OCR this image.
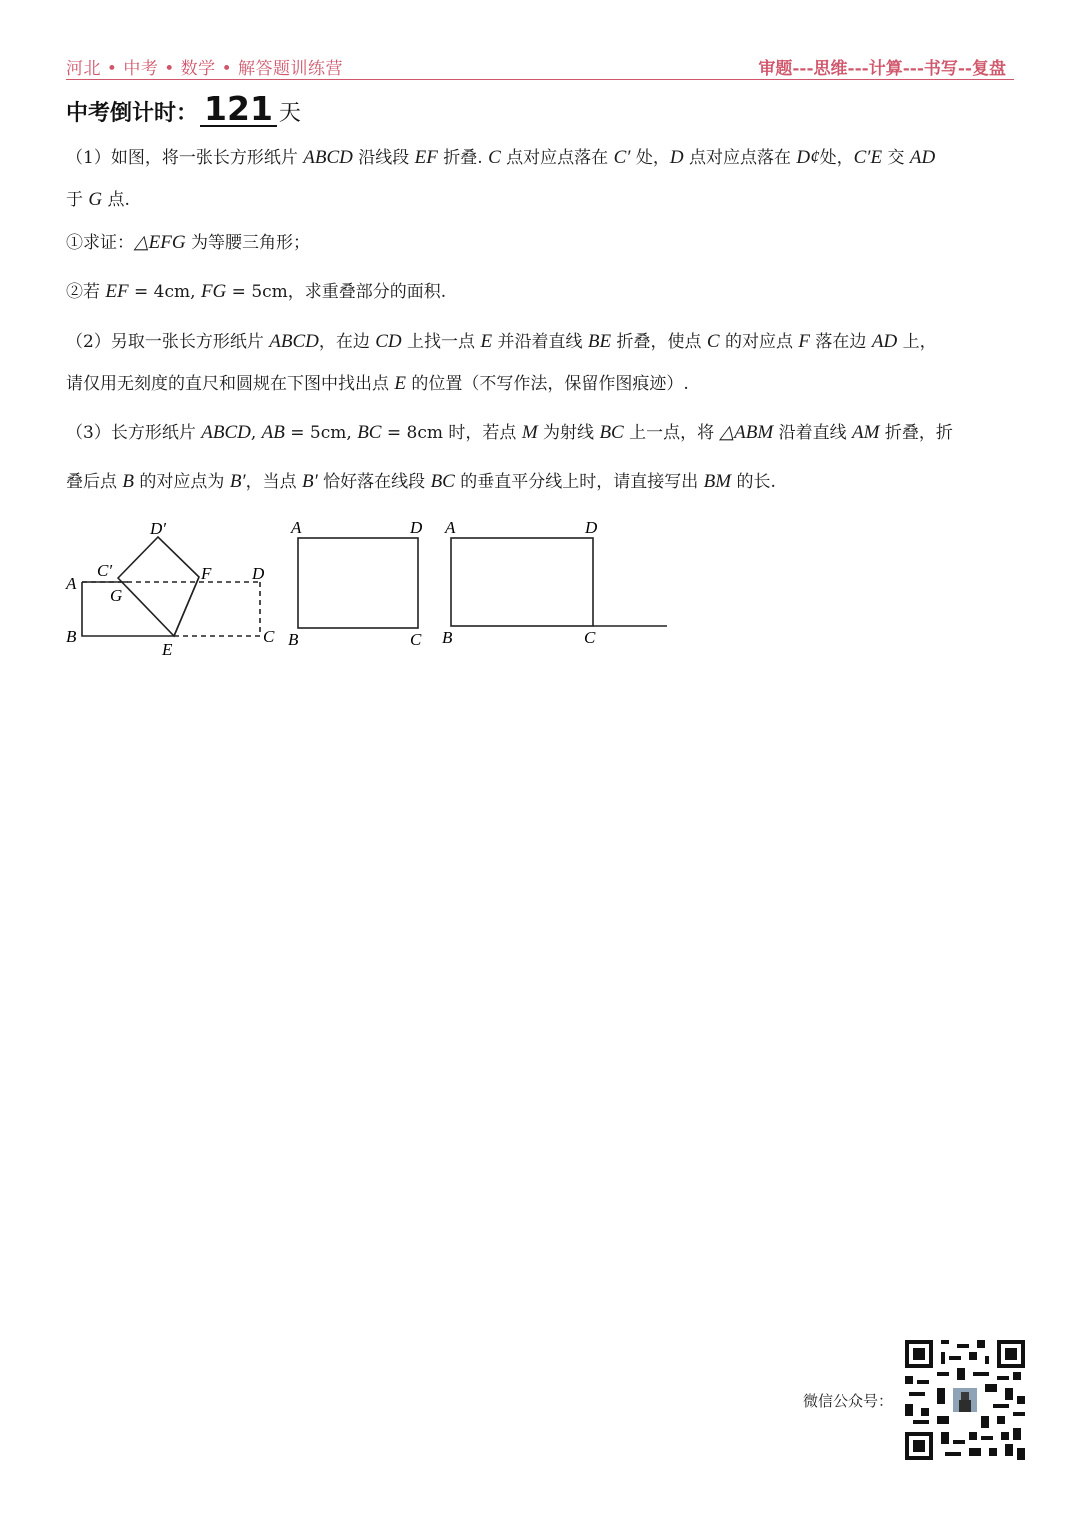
河北 • 中考 • 数学 • 解答题训练营	审题---思维---计算---书写--复盘
中考倒计时： 121 天
（1）如图，将一张长方形纸片 ABCD 沿线段 EF 折叠. C 点对应点落在 C′ 处，D 点对应点落在 D¢处，C′E 交 AD
于 G 点.
①求证：△EFG 为等腰三角形；
②若 EF = 4cm, FG = 5cm，求重叠部分的面积.
（2）另取一张长方形纸片 ABCD，在边 CD 上找一点 E 并沿着直线 BE 折叠，使点 C 的对应点 F 落在边 AD 上，
请仅用无刻度的直尺和圆规在下图中找出点 E 的位置（不写作法，保留作图痕迹）.
（3）长方形纸片 ABCD, AB = 5cm, BC = 8cm 时，若点 M 为射线 BC 上一点，将 △ABM 沿着直线 AM 折叠，折
叠后点 B 的对应点为 B′，当点 B′ 恰好落在线段 BC 的垂直平分线上时，请直接写出 BM 的长.
D′
C′	F D
A
G
B
E
C
A	D
B	C
A	D
B	C
微信公众号：
